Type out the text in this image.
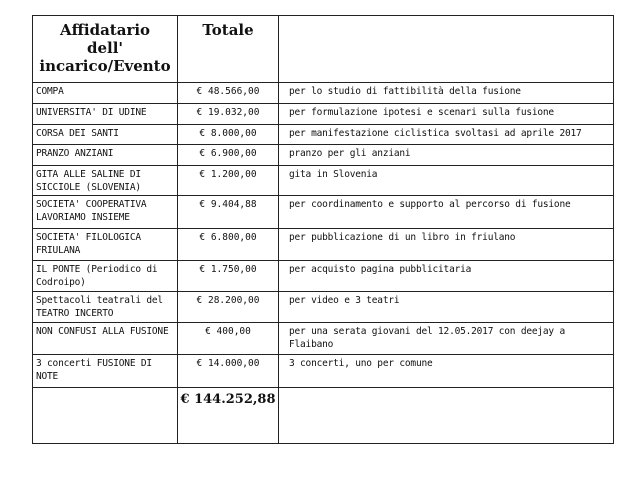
Affidatario
dell'
incarico/Evento	Totale	
COMPA	€ 48.566,00	per lo studio di fattibilità della fusione
UNIVERSITA' DI UDINE	€ 19.032,00	per formulazione ipotesi e scenari sulla fusione
CORSA DEI SANTI	€ 8.000,00	per manifestazione ciclistica svoltasi ad aprile 2017
PRANZO ANZIANI	€ 6.900,00	pranzo per gli anziani
GITA ALLE SALINE DI SICCIOLE (SLOVENIA)	€ 1.200,00	gita in Slovenia
SOCIETA' COOPERATIVA LAVORIAMO INSIEME	€ 9.404,88	per coordinamento e supporto al percorso di fusione
SOCIETA' FILOLOGICA FRIULANA	€ 6.800,00	per pubblicazione di un libro in friulano
IL PONTE (Periodico di Codroipo)	€ 1.750,00	per acquisto pagina pubblicitaria
Spettacoli teatrali del TEATRO INCERTO	€ 28.200,00	per video e 3 teatri
NON CONFUSI ALLA FUSIONE	€ 400,00	per una serata giovani del 12.05.2017 con deejay a Flaibano
3 concerti FUSIONE DI NOTE	€ 14.000,00	3 concerti, uno per comune
	€ 144.252,88	
